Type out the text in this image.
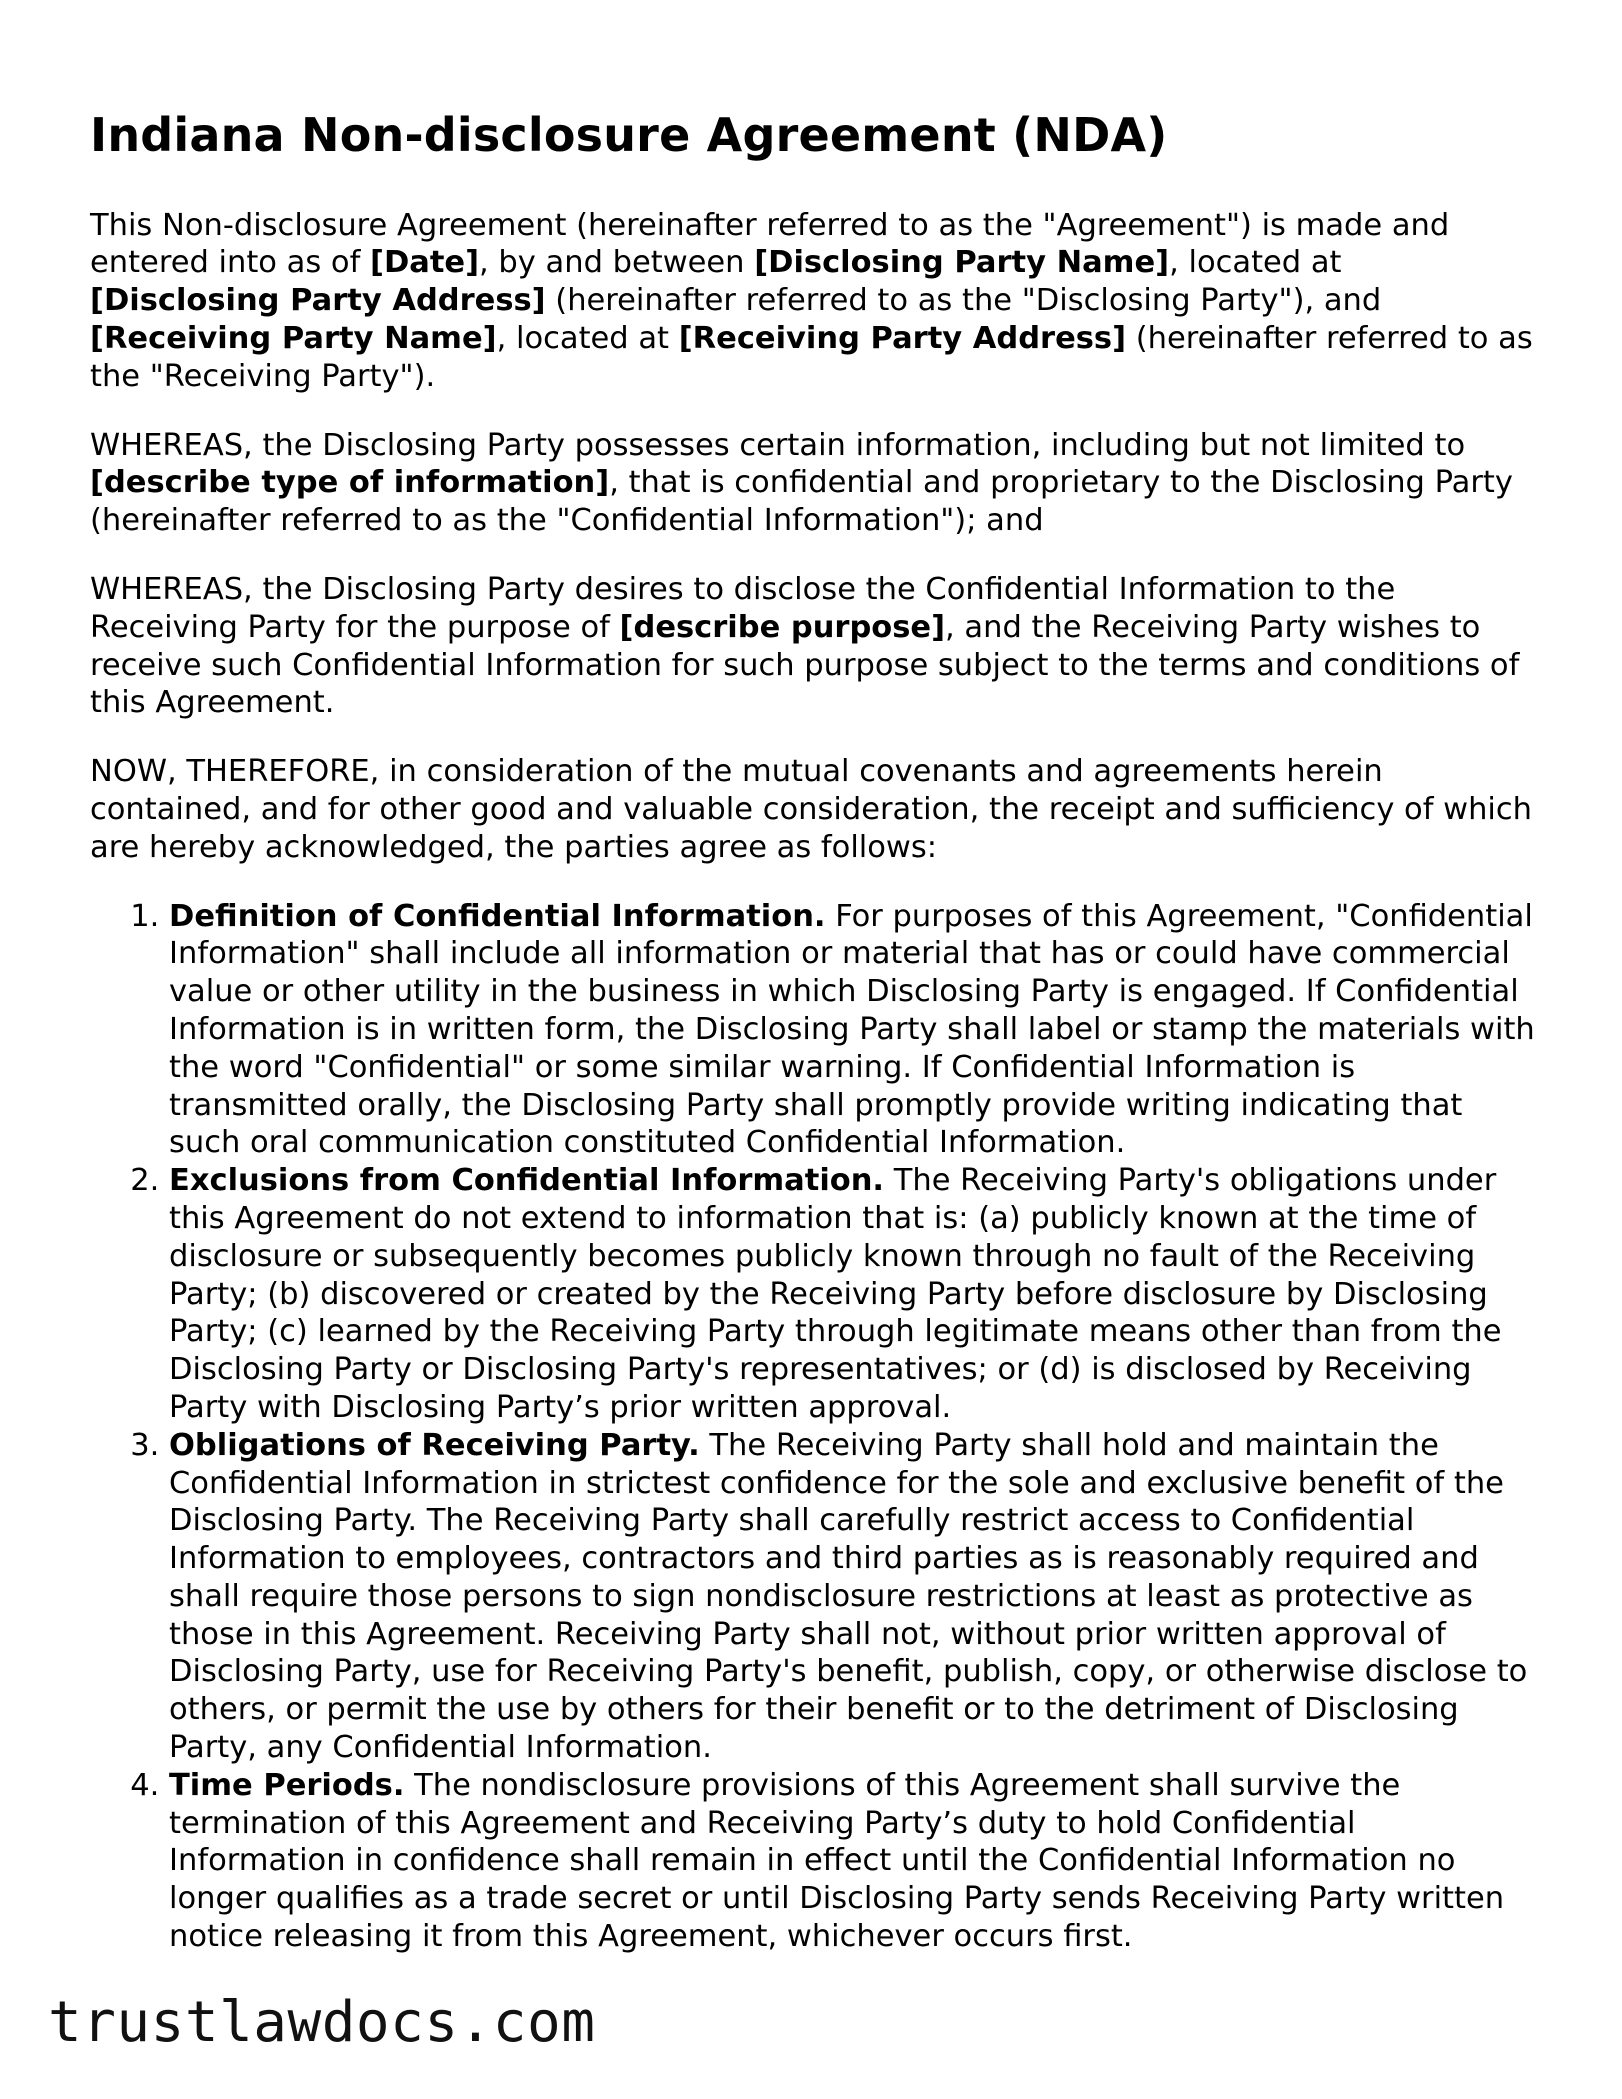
Indiana Non-disclosure Agreement (NDA)

This Non-disclosure Agreement (hereinafter referred to as the "Agreement") is made and entered into as of [Date], by and between [Disclosing Party Name], located at [Disclosing Party Address] (hereinafter referred to as the "Disclosing Party"), and [Receiving Party Name], located at [Receiving Party Address] (hereinafter referred to as the "Receiving Party").

WHEREAS, the Disclosing Party possesses certain information, including but not limited to [describe type of information], that is confidential and proprietary to the Disclosing Party (hereinafter referred to as the "Confidential Information"); and

WHEREAS, the Disclosing Party desires to disclose the Confidential Information to the Receiving Party for the purpose of [describe purpose], and the Receiving Party wishes to receive such Confidential Information for such purpose subject to the terms and conditions of this Agreement.

NOW, THEREFORE, in consideration of the mutual covenants and agreements herein contained, and for other good and valuable consideration, the receipt and sufficiency of which are hereby acknowledged, the parties agree as follows:

1. Definition of Confidential Information. For purposes of this Agreement, "Confidential Information" shall include all information or material that has or could have commercial value or other utility in the business in which Disclosing Party is engaged. If Confidential Information is in written form, the Disclosing Party shall label or stamp the materials with the word "Confidential" or some similar warning. If Confidential Information is transmitted orally, the Disclosing Party shall promptly provide writing indicating that such oral communication constituted Confidential Information.
2. Exclusions from Confidential Information. The Receiving Party's obligations under this Agreement do not extend to information that is: (a) publicly known at the time of disclosure or subsequently becomes publicly known through no fault of the Receiving Party; (b) discovered or created by the Receiving Party before disclosure by Disclosing Party; (c) learned by the Receiving Party through legitimate means other than from the Disclosing Party or Disclosing Party's representatives; or (d) is disclosed by Receiving Party with Disclosing Party’s prior written approval.
3. Obligations of Receiving Party. The Receiving Party shall hold and maintain the Confidential Information in strictest confidence for the sole and exclusive benefit of the Disclosing Party. The Receiving Party shall carefully restrict access to Confidential Information to employees, contractors and third parties as is reasonably required and shall require those persons to sign nondisclosure restrictions at least as protective as those in this Agreement. Receiving Party shall not, without prior written approval of Disclosing Party, use for Receiving Party's benefit, publish, copy, or otherwise disclose to others, or permit the use by others for their benefit or to the detriment of Disclosing Party, any Confidential Information.
4. Time Periods. The nondisclosure provisions of this Agreement shall survive the termination of this Agreement and Receiving Party’s duty to hold Confidential Information in confidence shall remain in effect until the Confidential Information no longer qualifies as a trade secret or until Disclosing Party sends Receiving Party written notice releasing it from this Agreement, whichever occurs first.
trustlawdocs.com
